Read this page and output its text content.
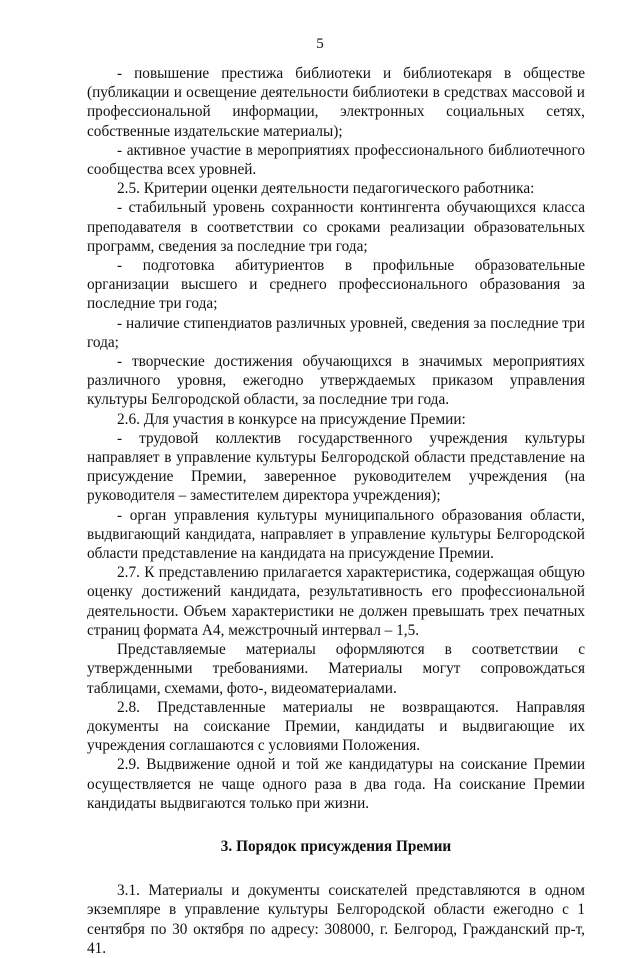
5

- повышение престижа библиотеки и библиотекаря в обществе (публикации и освещение деятельности библиотеки в средствах массовой и профессиональной информации, электронных социальных сетях, собственные издательские материалы);

- активное участие в мероприятиях профессионального библиотечного сообщества всех уровней.

2.5. Критерии оценки деятельности педагогического работника:

- стабильный уровень сохранности контингента обучающихся класса преподавателя в соответствии со сроками реализации образовательных программ, сведения за последние три года;

- подготовка абитуриентов в профильные образовательные организации высшего и среднего профессионального образования за последние три года;

- наличие стипендиатов различных уровней, сведения за последние три года;

- творческие достижения обучающихся в значимых мероприятиях различного уровня, ежегодно утверждаемых приказом управления культуры Белгородской области, за последние три года.

2.6. Для участия в конкурсе на присуждение Премии:

- трудовой коллектив государственного учреждения культуры направляет в управление культуры Белгородской области представление на присуждение Премии, заверенное руководителем учреждения (на руководителя – заместителем директора учреждения);

- орган управления культуры муниципального образования области, выдвигающий кандидата, направляет в управление культуры Белгородской области представление на кандидата на присуждение Премии.

2.7. К представлению прилагается характеристика, содержащая общую оценку достижений кандидата, результативность его профессиональной деятельности. Объем характеристики не должен превышать трех печатных страниц формата А4, межстрочный интервал – 1,5.

Представляемые материалы оформляются в соответствии с утвержденными требованиями. Материалы могут сопровождаться таблицами, схемами, фото-, видеоматериалами.

2.8. Представленные материалы не возвращаются. Направляя документы на соискание Премии, кандидаты и выдвигающие их учреждения соглашаются с условиями Положения.

2.9. Выдвижение одной и той же кандидатуры на соискание Премии осуществляется не чаще одного раза в два года. На соискание Премии кандидаты выдвигаются только при жизни.

3. Порядок присуждения Премии

3.1. Материалы и документы соискателей представляются в одном экземпляре в управление культуры Белгородской области ежегодно с 1 сентября по 30 октября по адресу: 308000, г. Белгород, Гражданский пр-т, 41.
